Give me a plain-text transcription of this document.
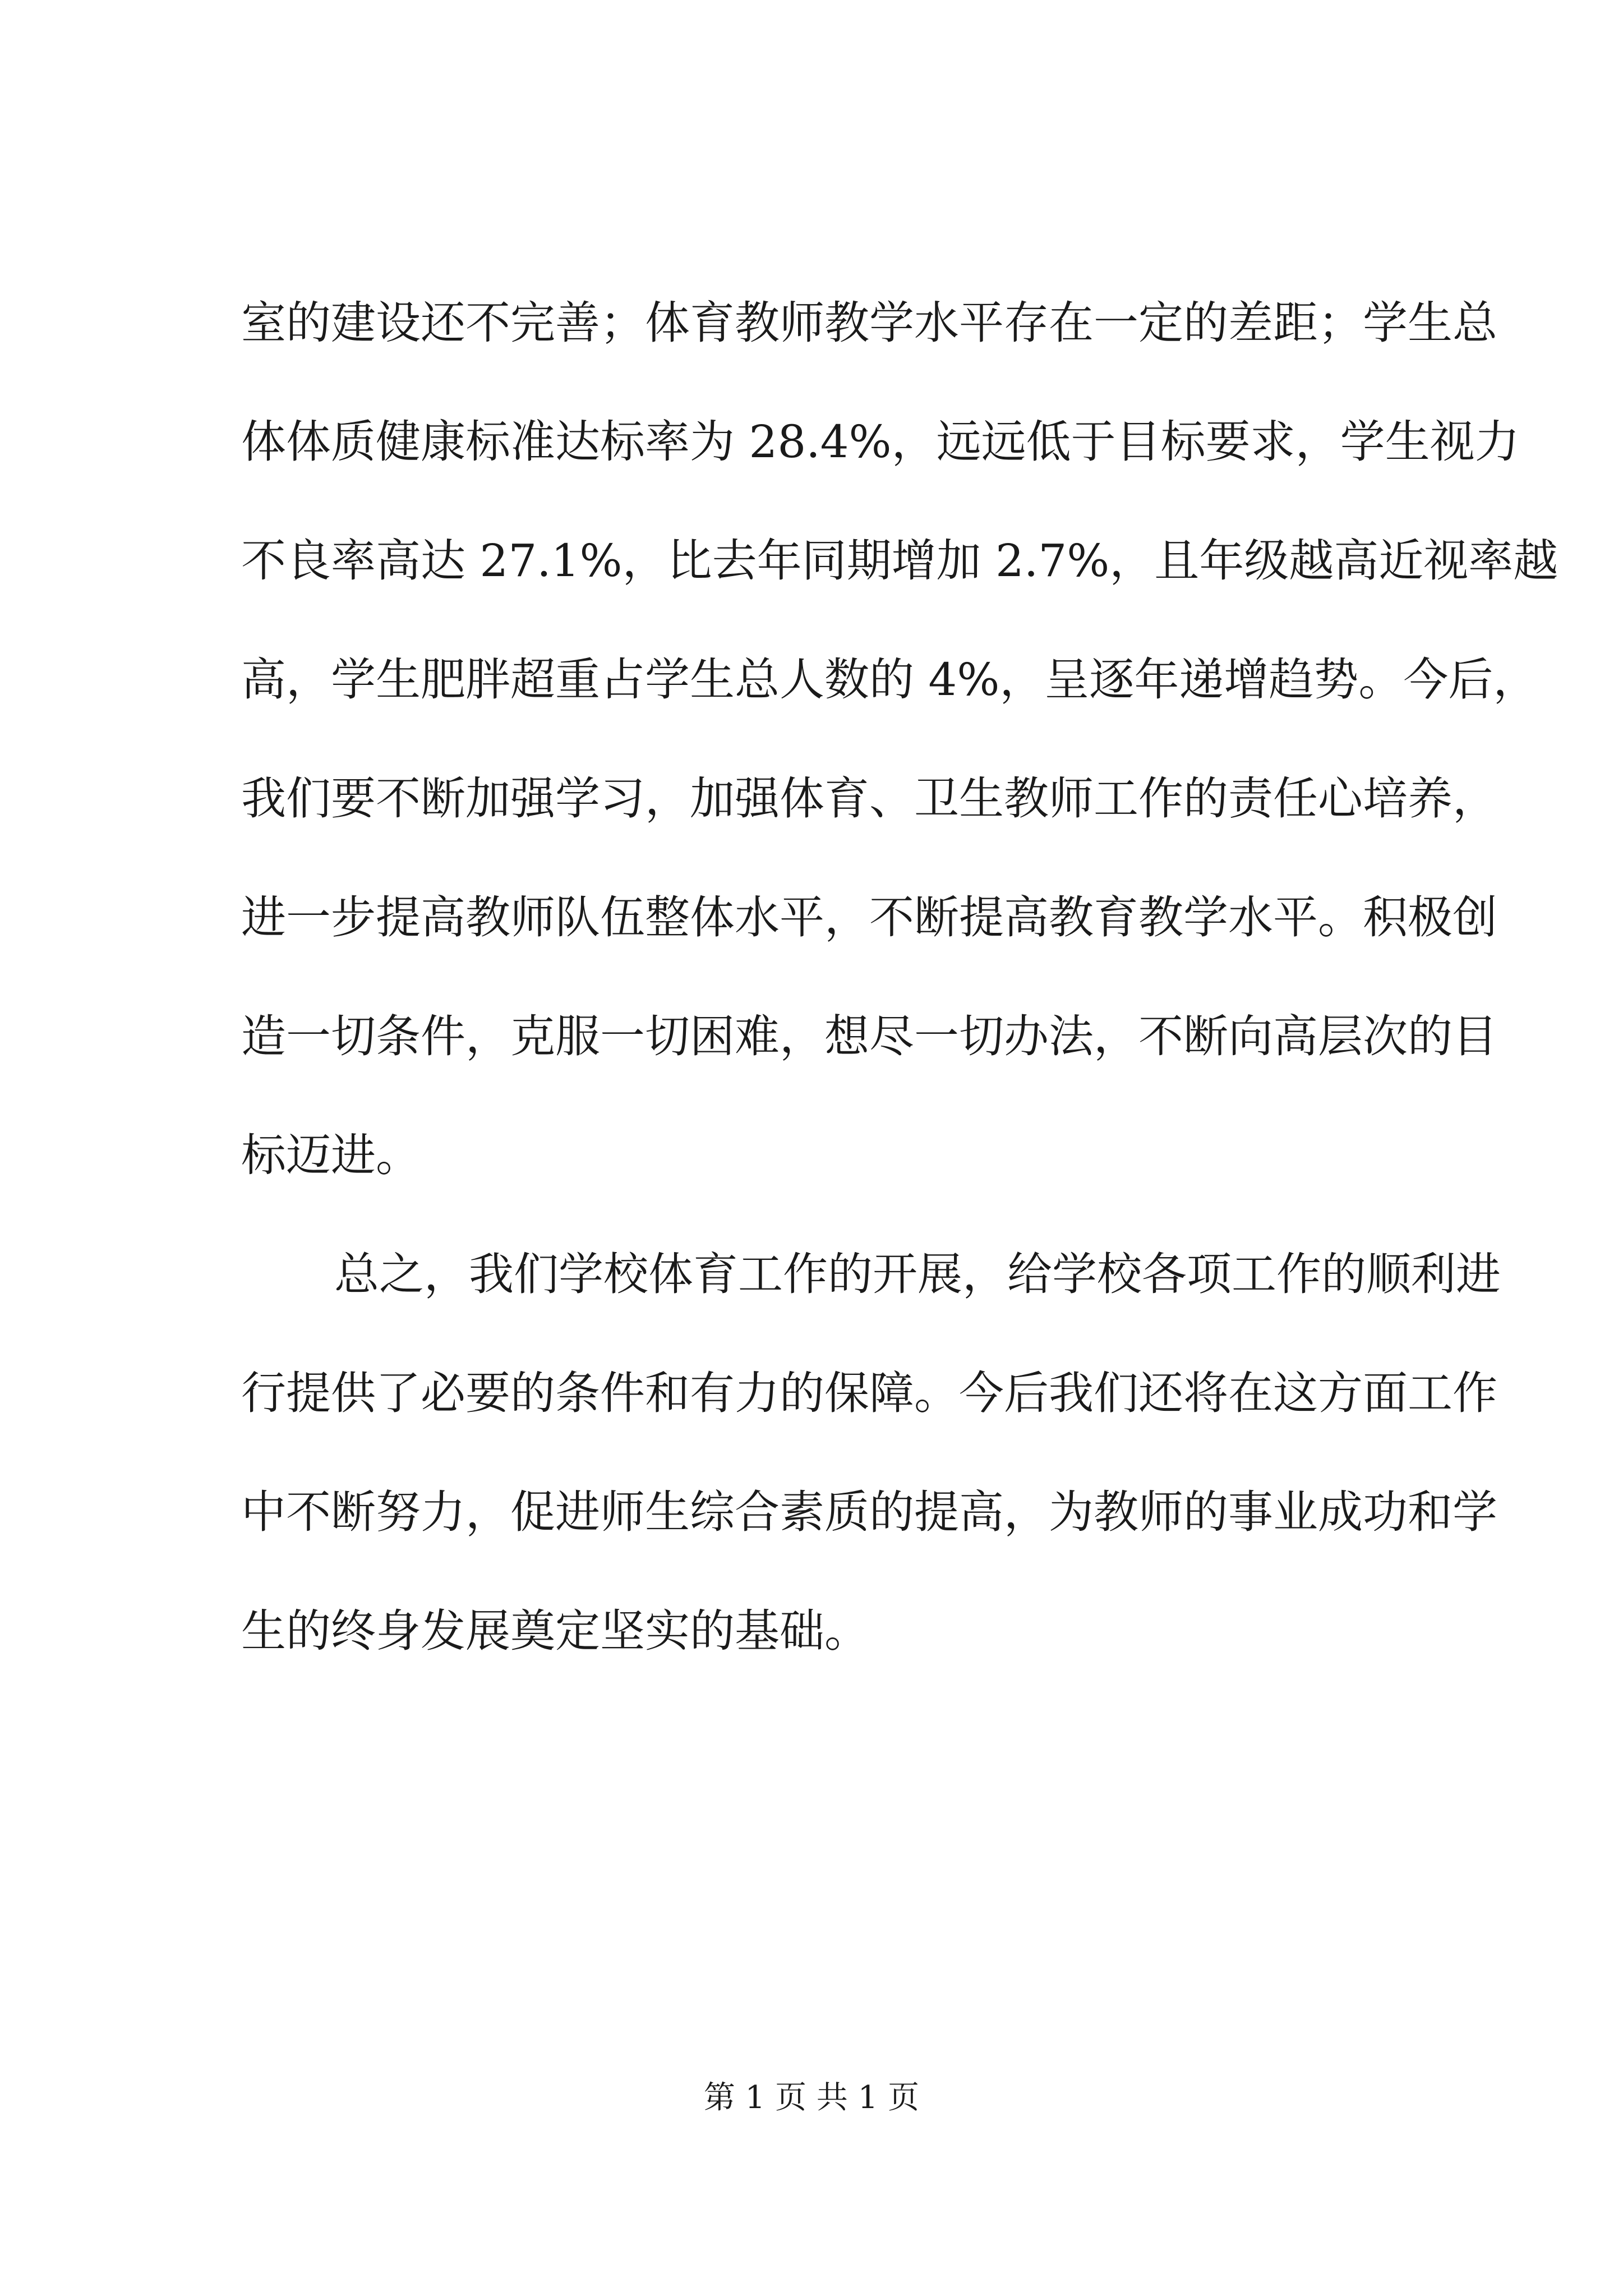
室的建设还不完善；体育教师教学水平存在一定的差距；学生总
体体质健康标准达标率为 28.4%，远远低于目标要求，学生视力
不良率高达 27.1%，比去年同期增加 2.7%，且年级越高近视率越
高，学生肥胖超重占学生总人数的 4%，呈逐年递增趋势。今后，
我们要不断加强学习，加强体育、卫生教师工作的责任心培养，
进一步提高教师队伍整体水平，不断提高教育教学水平。积极创
造一切条件，克服一切困难，想尽一切办法，不断向高层次的目
标迈进。
总之，我们学校体育工作的开展，给学校各项工作的顺利进
行提供了必要的条件和有力的保障。今后我们还将在这方面工作
中不断努力，促进师生综合素质的提高，为教师的事业成功和学
生的终身发展奠定坚实的基础。
第 1 页 共 1 页
